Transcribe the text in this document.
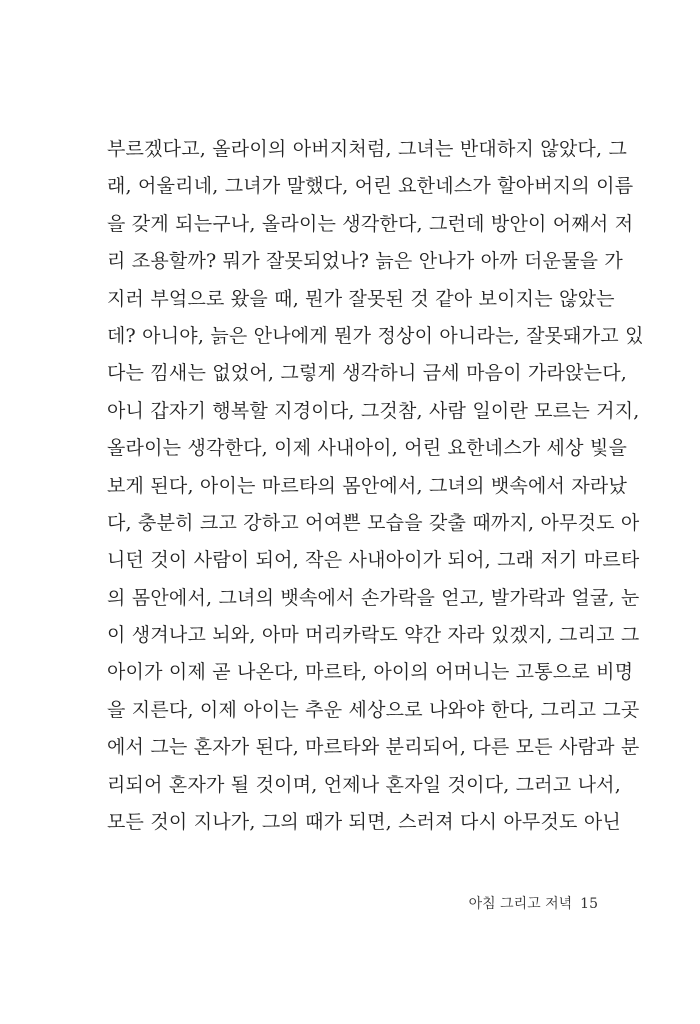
부르겠다고, 올라이의 아버지처럼, 그녀는 반대하지 않았다, 그
래, 어울리네, 그녀가 말했다, 어린 요한네스가 할아버지의 이름
을 갖게 되는구나, 올라이는 생각한다, 그런데 방안이 어째서 저
리 조용할까? 뭐가 잘못되었나? 늙은 안나가 아까 더운물을 가
지러 부엌으로 왔을 때, 뭔가 잘못된 것 같아 보이지는 않았는
데? 아니야, 늙은 안나에게 뭔가 정상이 아니라는, 잘못돼가고 있
다는 낌새는 없었어, 그렇게 생각하니 금세 마음이 가라앉는다,
아니 갑자기 행복할 지경이다, 그것참, 사람 일이란 모르는 거지,
올라이는 생각한다, 이제 사내아이, 어린 요한네스가 세상 빛을
보게 된다, 아이는 마르타의 몸안에서, 그녀의 뱃속에서 자라났
다, 충분히 크고 강하고 어여쁜 모습을 갖출 때까지, 아무것도 아
니던 것이 사람이 되어, 작은 사내아이가 되어, 그래 저기 마르타
의 몸안에서, 그녀의 뱃속에서 손가락을 얻고, 발가락과 얼굴, 눈
이 생겨나고 뇌와, 아마 머리카락도 약간 자라 있겠지, 그리고 그
아이가 이제 곧 나온다, 마르타, 아이의 어머니는 고통으로 비명
을 지른다, 이제 아이는 추운 세상으로 나와야 한다, 그리고 그곳
에서 그는 혼자가 된다, 마르타와 분리되어, 다른 모든 사람과 분
리되어 혼자가 될 것이며, 언제나 혼자일 것이다, 그러고 나서,
모든 것이 지나가, 그의 때가 되면, 스러져 다시 아무것도 아닌
아침 그리고 저녁 15
